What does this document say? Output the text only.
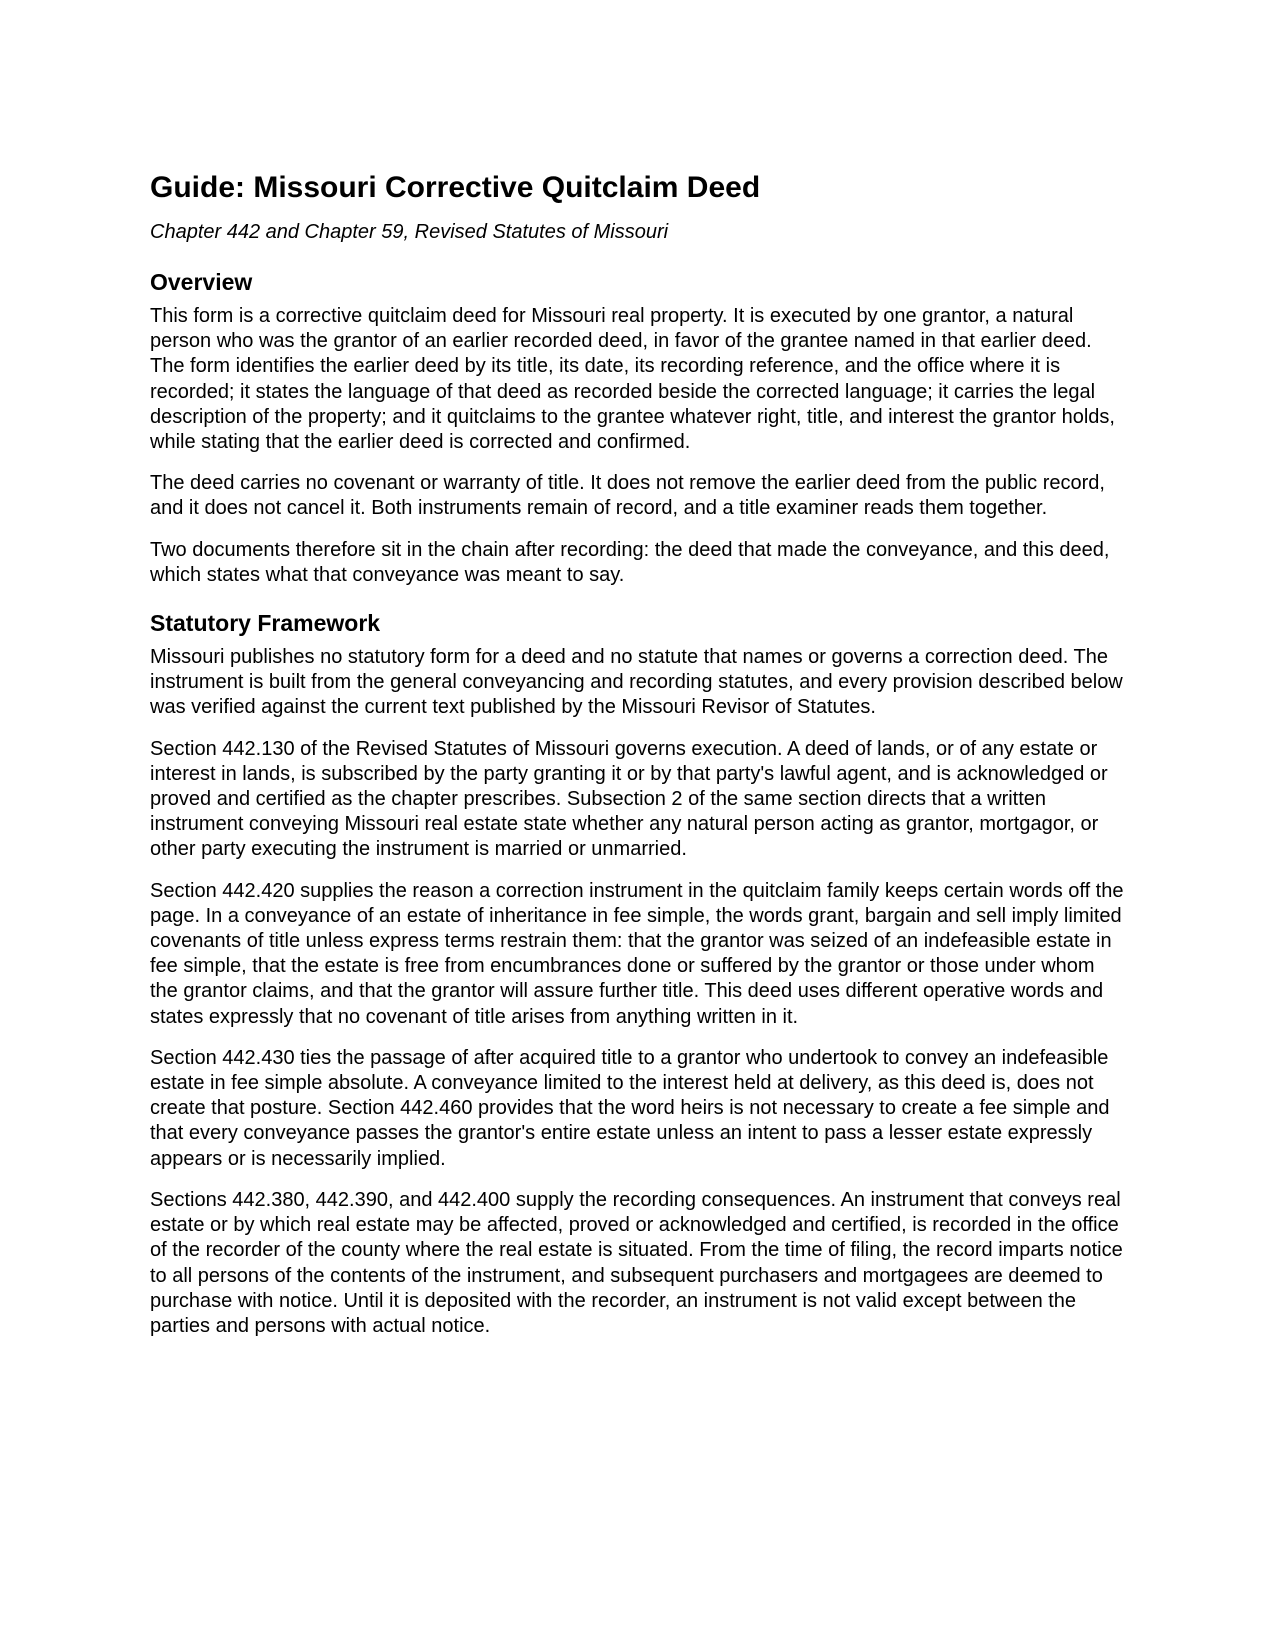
Guide: Missouri Corrective Quitclaim Deed

Chapter 442 and Chapter 59, Revised Statutes of Missouri

Overview

This form is a corrective quitclaim deed for Missouri real property. It is executed by one grantor, a natural person who was the grantor of an earlier recorded deed, in favor of the grantee named in that earlier deed. The form identifies the earlier deed by its title, its date, its recording reference, and the office where it is recorded; it states the language of that deed as recorded beside the corrected language; it carries the legal description of the property; and it quitclaims to the grantee whatever right, title, and interest the grantor holds, while stating that the earlier deed is corrected and confirmed.

The deed carries no covenant or warranty of title. It does not remove the earlier deed from the public record, and it does not cancel it. Both instruments remain of record, and a title examiner reads them together.

Two documents therefore sit in the chain after recording: the deed that made the conveyance, and this deed, which states what that conveyance was meant to say.

Statutory Framework

Missouri publishes no statutory form for a deed and no statute that names or governs a correction deed. The instrument is built from the general conveyancing and recording statutes, and every provision described below was verified against the current text published by the Missouri Revisor of Statutes.

Section 442.130 of the Revised Statutes of Missouri governs execution. A deed of lands, or of any estate or interest in lands, is subscribed by the party granting it or by that party's lawful agent, and is acknowledged or proved and certified as the chapter prescribes. Subsection 2 of the same section directs that a written instrument conveying Missouri real estate state whether any natural person acting as grantor, mortgagor, or other party executing the instrument is married or unmarried.

Section 442.420 supplies the reason a correction instrument in the quitclaim family keeps certain words off the page. In a conveyance of an estate of inheritance in fee simple, the words grant, bargain and sell imply limited covenants of title unless express terms restrain them: that the grantor was seized of an indefeasible estate in fee simple, that the estate is free from encumbrances done or suffered by the grantor or those under whom the grantor claims, and that the grantor will assure further title. This deed uses different operative words and states expressly that no covenant of title arises from anything written in it.

Section 442.430 ties the passage of after acquired title to a grantor who undertook to convey an indefeasible estate in fee simple absolute. A conveyance limited to the interest held at delivery, as this deed is, does not create that posture. Section 442.460 provides that the word heirs is not necessary to create a fee simple and that every conveyance passes the grantor's entire estate unless an intent to pass a lesser estate expressly appears or is necessarily implied.

Sections 442.380, 442.390, and 442.400 supply the recording consequences. An instrument that conveys real estate or by which real estate may be affected, proved or acknowledged and certified, is recorded in the office of the recorder of the county where the real estate is situated. From the time of filing, the record imparts notice to all persons of the contents of the instrument, and subsequent purchasers and mortgagees are deemed to purchase with notice. Until it is deposited with the recorder, an instrument is not valid except between the parties and persons with actual notice.
